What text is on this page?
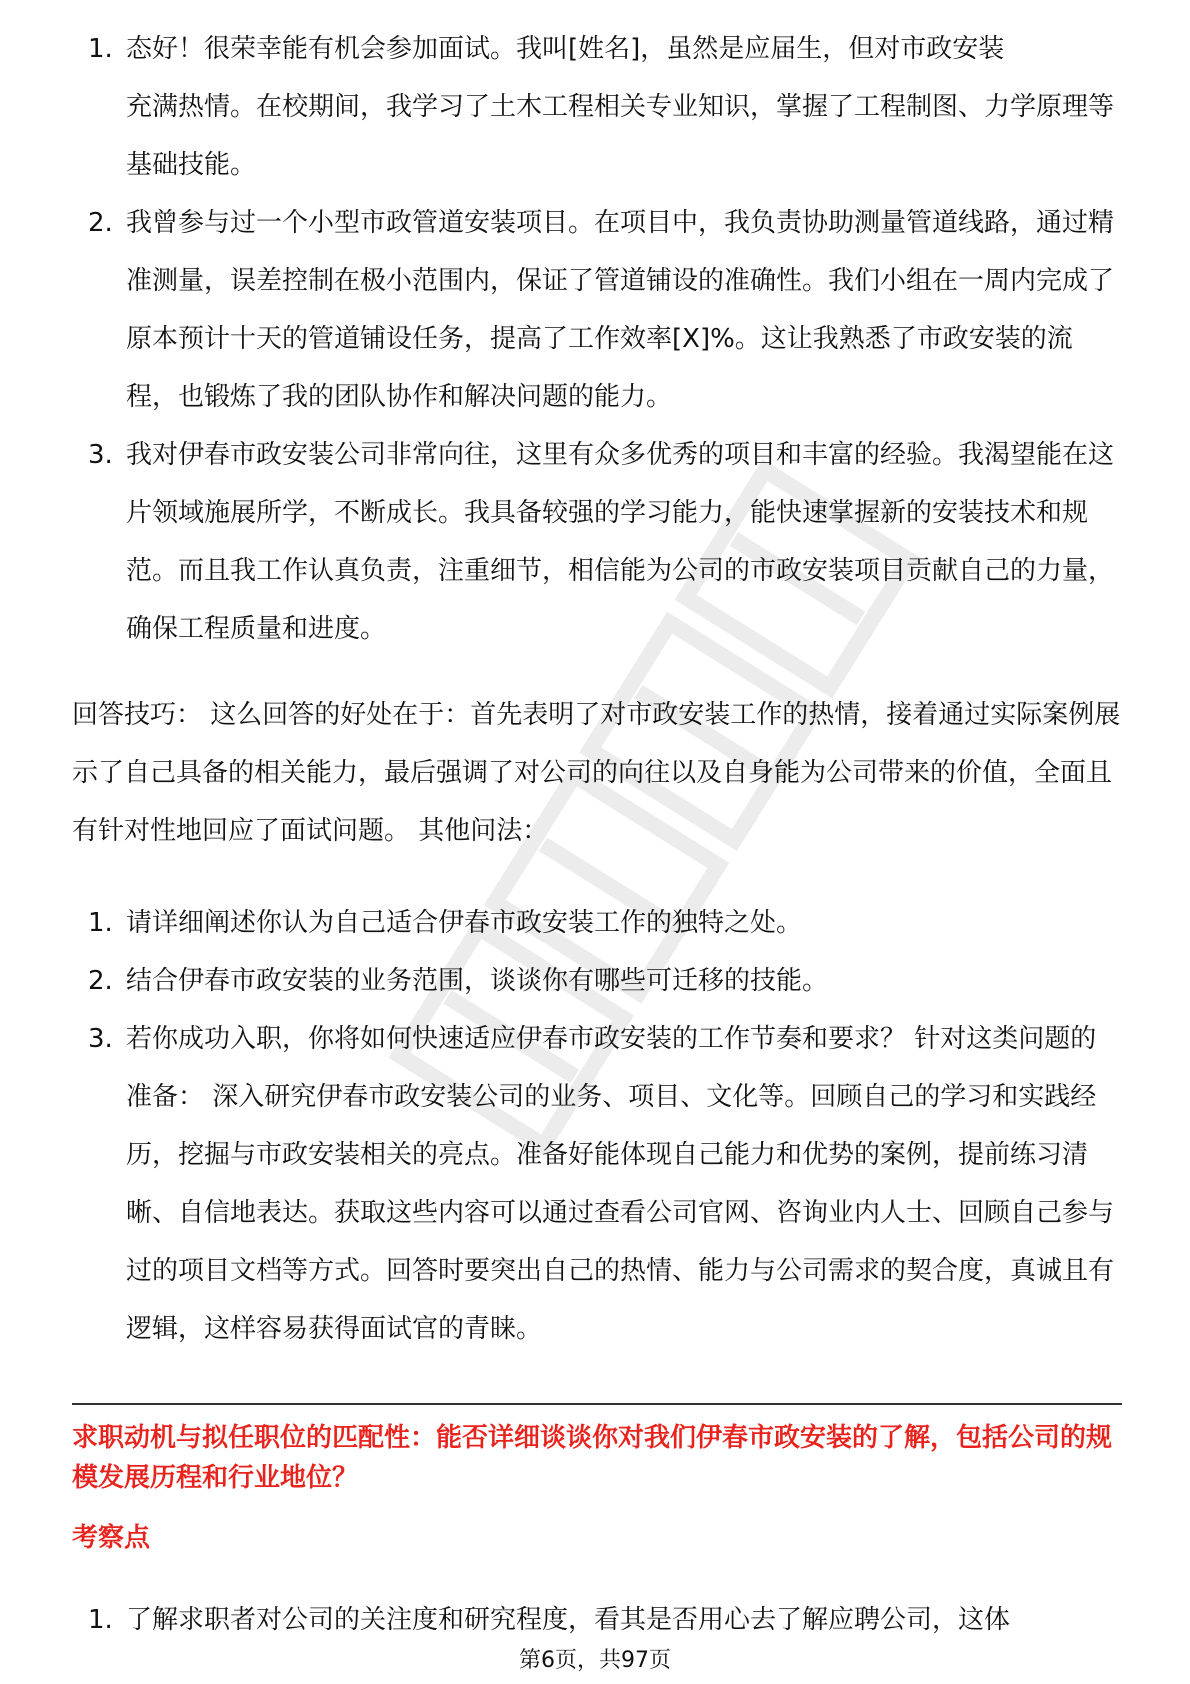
1. 态好！很荣幸能有机会参加面试。我叫[姓名]，虽然是应届生，但对市政安装
充满热情。在校期间，我学习了土木工程相关专业知识，掌握了工程制图、力学原理等基础技能。
2. 我曾参与过一个小型市政管道安装项目。在项目中，我负责协助测量管道线路，通过精准测量，误差控制在极小范围内，保证了管道铺设的准确性。我们小组在一周内完成了原本预计十天的管道铺设任务，提高了工作效率[X]%。这让我熟悉了市政安装的流程，也锻炼了我的团队协作和解决问题的能力。
3. 我对伊春市政安装公司非常向往，这里有众多优秀的项目和丰富的经验。我渴望能在这片领域施展所学，不断成长。我具备较强的学习能力，能快速掌握新的安装技术和规范。而且我工作认真负责，注重细节，相信能为公司的市政安装项目贡献自己的力量，确保工程质量和进度。

回答技巧： 这么回答的好处在于：首先表明了对市政安装工作的热情，接着通过实际案例展示了自己具备的相关能力，最后强调了对公司的向往以及自身能为公司带来的价值，全面且有针对性地回应了面试问题。 其他问法：

1. 请详细阐述你认为自己适合伊春市政安装工作的独特之处。
2. 结合伊春市政安装的业务范围，谈谈你有哪些可迁移的技能。
3. 若你成功入职，你将如何快速适应伊春市政安装的工作节奏和要求？ 针对这类问题的准备： 深入研究伊春市政安装公司的业务、项目、文化等。回顾自己的学习和实践经历，挖掘与市政安装相关的亮点。准备好能体现自己能力和优势的案例，提前练习清晰、自信地表达。获取这些内容可以通过查看公司官网、咨询业内人士、回顾自己参与过的项目文档等方式。回答时要突出自己的热情、能力与公司需求的契合度，真诚且有逻辑，这样容易获得面试官的青睐。
求职动机与拟任职位的匹配性：能否详细谈谈你对我们伊春市政安装的了解，包括公司的规模发展历程和行业地位？
考察点
1. 了解求职者对公司的关注度和研究程度，看其是否用心去了解应聘公司，这体
第6页，共97页
